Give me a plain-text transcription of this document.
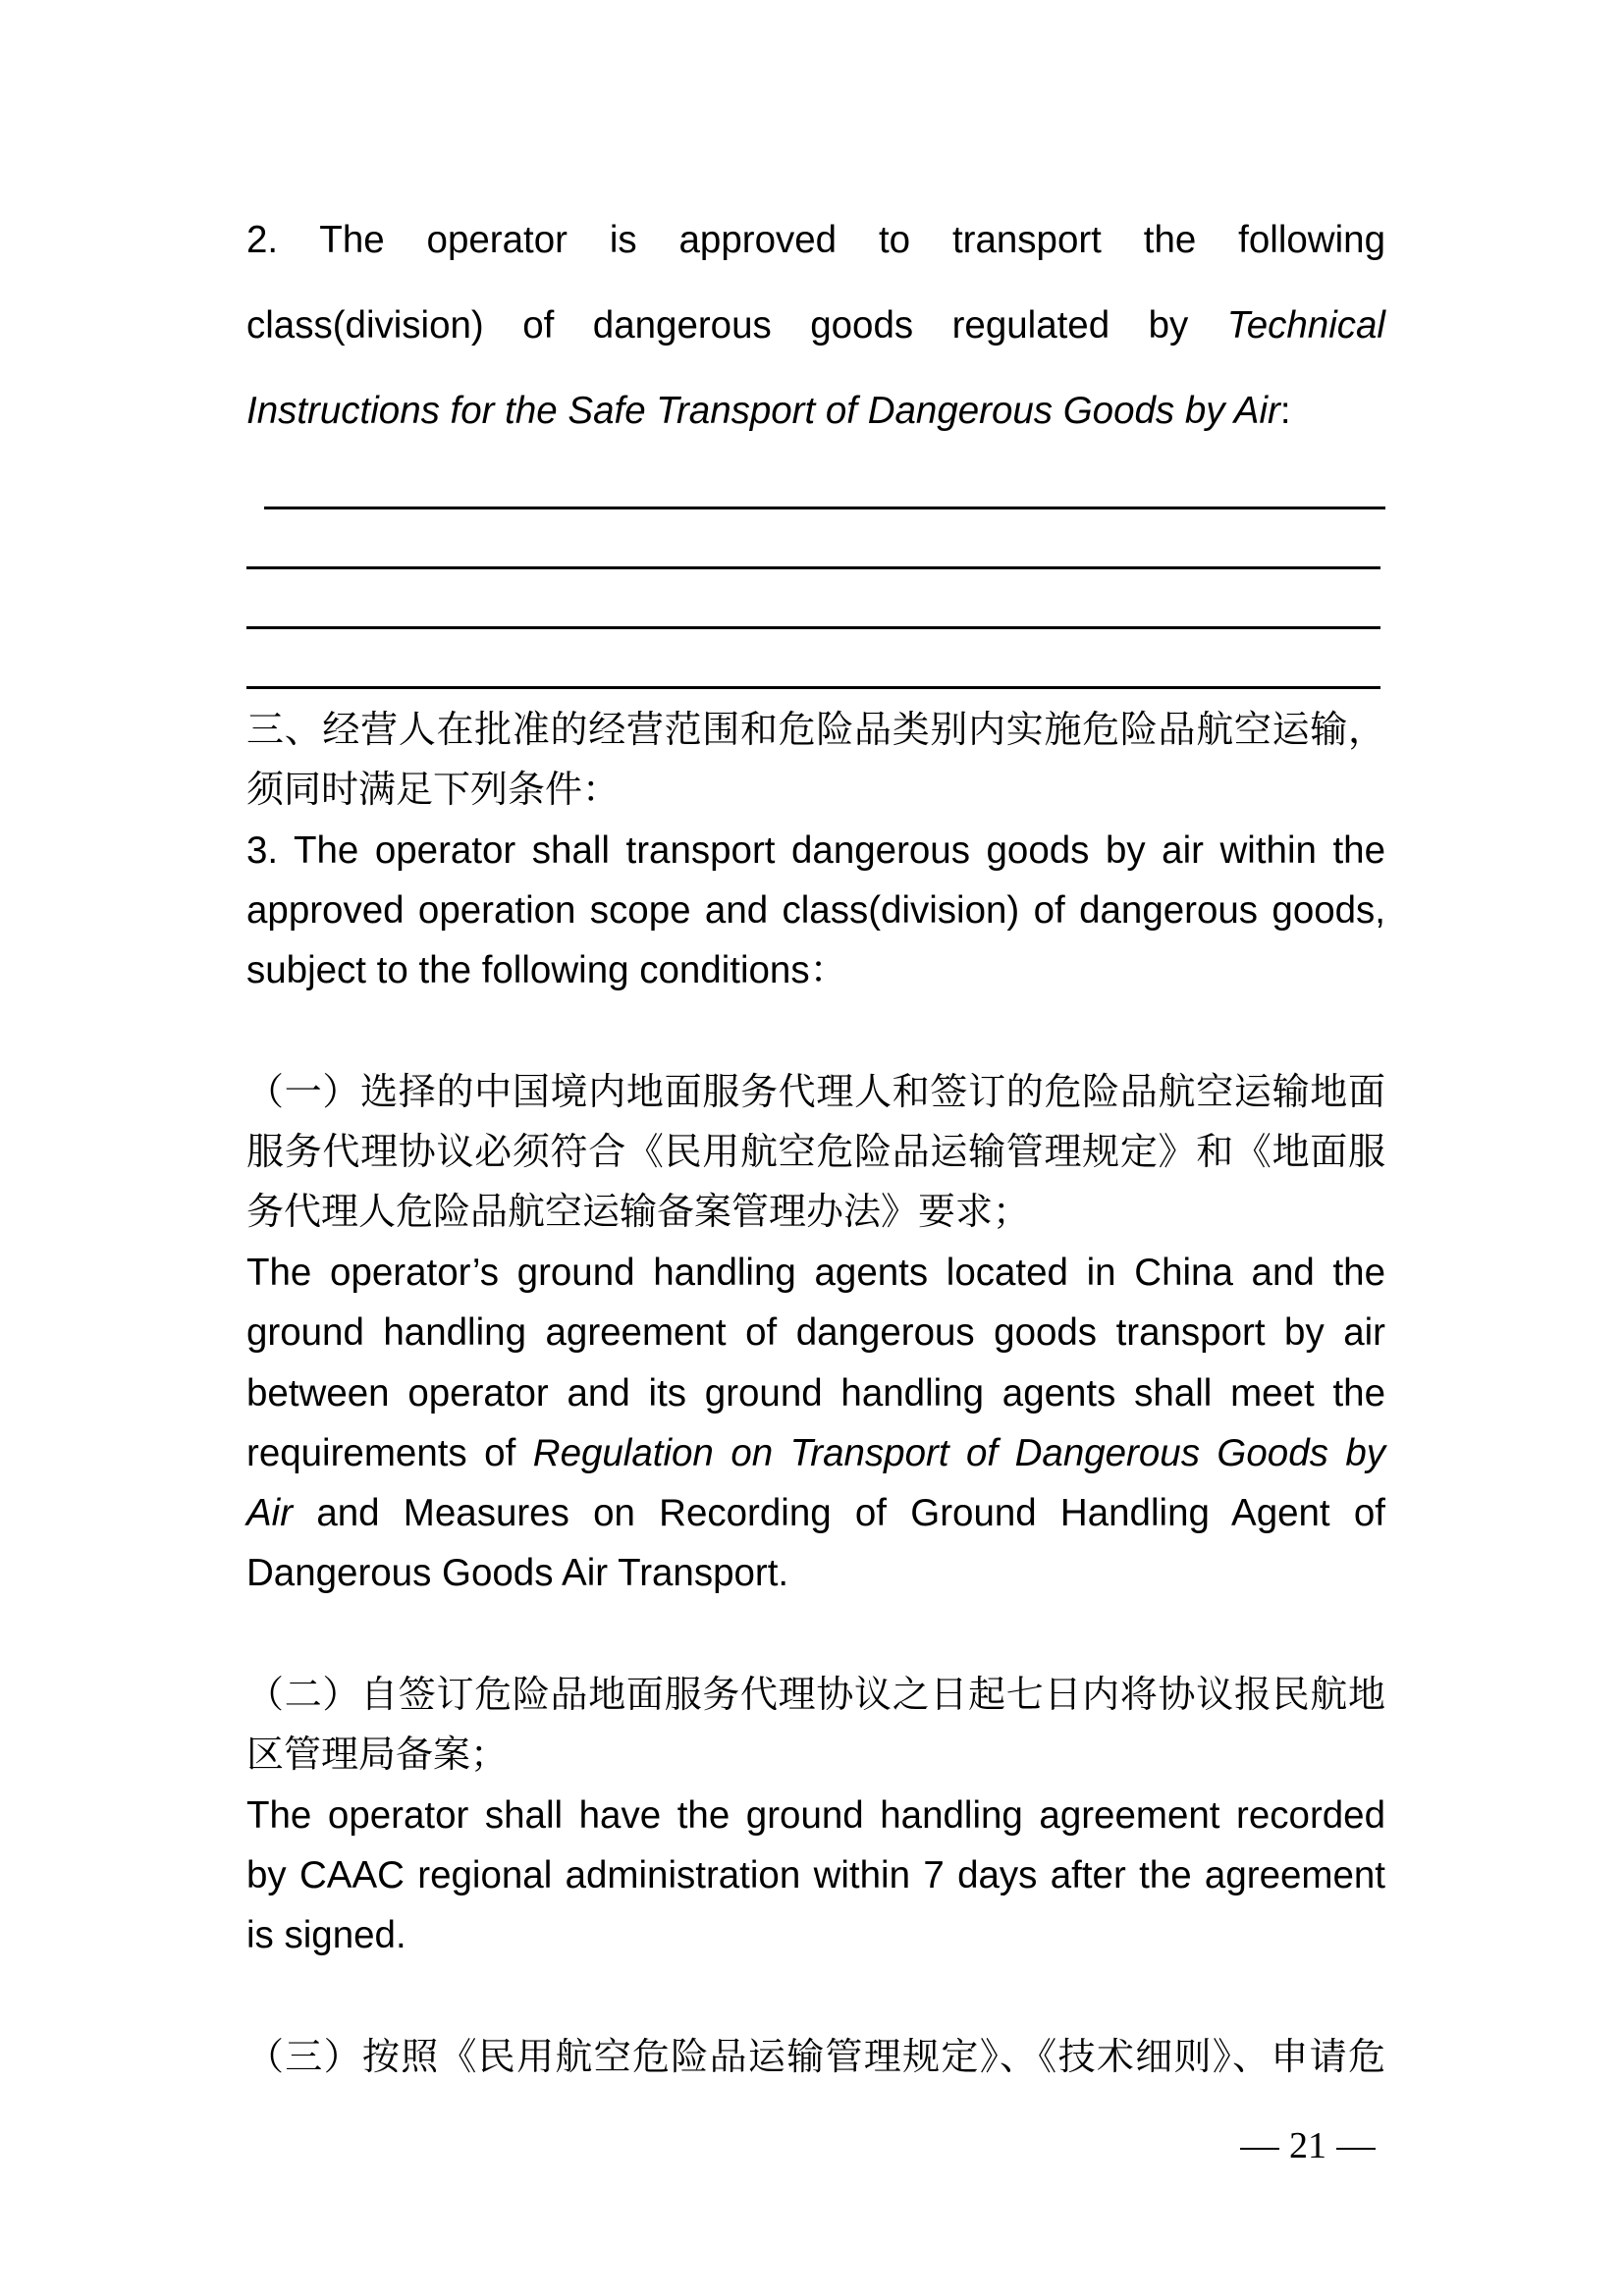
2. The operator is approved to transport the following

class(division) of dangerous goods regulated by Technical

Instructions for the Safe Transport of Dangerous Goods by Air:

三、经营人在批准的经营范围和危险品类别内实施危险品航空运输，

须同时满足下列条件：

3. The operator shall transport dangerous goods by air within the

approved operation scope and class(division) of dangerous goods,

subject to the following conditions：

（一）选择的中国境内地面服务代理人和签订的危险品航空运输地面

服务代理协议必须符合《民用航空危险品运输管理规定》和《地面服

务代理人危险品航空运输备案管理办法》要求；

The operator’s ground handling agents located in China and the

ground handling agreement of dangerous goods transport by air

between operator and its ground handling agents shall meet the

requirements of Regulation on Transport of Dangerous Goods by

Air and Measures on Recording of Ground Handling Agent of

Dangerous Goods Air Transport.

（二）自签订危险品地面服务代理协议之日起七日内将协议报民航地

区管理局备案；

The operator shall have the ground handling agreement recorded

by CAAC regional administration within 7 days after the agreement

is signed.

（三）按照《民用航空危险品运输管理规定》、《技术细则》、申请危

21
